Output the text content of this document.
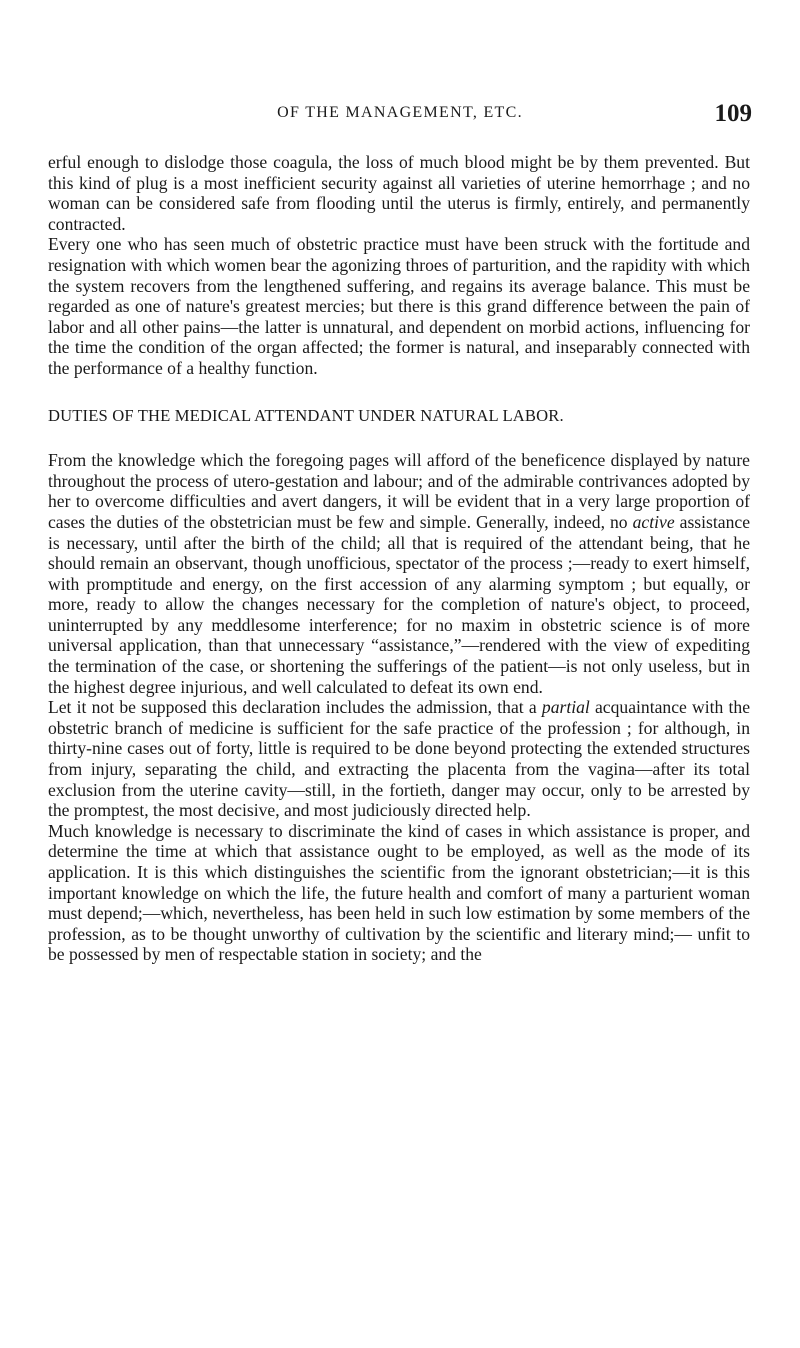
OF THE MANAGEMENT, ETC.	109

erful enough to dislodge those coagula, the loss of much blood might be by them prevented. But this kind of plug is a most inefficient security against all varieties of uterine hemorrhage ; and no woman can be considered safe from flooding until the uterus is firmly, entirely, and permanently contracted.

Every one who has seen much of obstetric practice must have been struck with the fortitude and resignation with which women bear the agonizing throes of parturition, and the rapidity with which the system recovers from the lengthened suffering, and regains its average balance. This must be regarded as one of nature's greatest mercies; but there is this grand difference between the pain of labor and all other pains—the latter is unnatural, and dependent on morbid actions, influencing for the time the condition of the organ affected; the former is natural, and inseparably connected with the performance of a healthy function.

DUTIES OF THE MEDICAL ATTENDANT UNDER NATURAL LABOR.

From the knowledge which the foregoing pages will afford of the beneficence displayed by nature throughout the process of utero-gestation and labour; and of the admirable contrivances adopted by her to overcome difficulties and avert dangers, it will be evident that in a very large proportion of cases the duties of the obstetrician must be few and simple. Generally, indeed, no active assistance is necessary, until after the birth of the child; all that is required of the attendant being, that he should remain an observant, though unofficious, spectator of the process ;—ready to exert himself, with promptitude and energy, on the first accession of any alarming symptom ; but equally, or more, ready to allow the changes necessary for the completion of nature's object, to proceed, uninterrupted by any meddlesome interference; for no maxim in obstetric science is of more universal application, than that unnecessary “assistance,”—rendered with the view of expediting the termination of the case, or shortening the sufferings of the patient—is not only useless, but in the highest degree injurious, and well calculated to defeat its own end.

Let it not be supposed this declaration includes the admission, that a partial acquaintance with the obstetric branch of medicine is sufficient for the safe practice of the profession ; for although, in thirty-nine cases out of forty, little is required to be done beyond protecting the extended structures from injury, separating the child, and extracting the placenta from the vagina—after its total exclusion from the uterine cavity—still, in the fortieth, danger may occur, only to be arrested by the promptest, the most decisive, and most judiciously directed help.

Much knowledge is necessary to discriminate the kind of cases in which assistance is proper, and determine the time at which that assistance ought to be employed, as well as the mode of its application. It is this which distinguishes the scientific from the ignorant obstetrician;—it is this important knowledge on which the life, the future health and comfort of many a parturient woman must depend;—which, nevertheless, has been held in such low estimation by some members of the profession, as to be thought unworthy of cultivation by the scientific and literary mind;— unfit to be possessed by men of respectable station in society; and the
